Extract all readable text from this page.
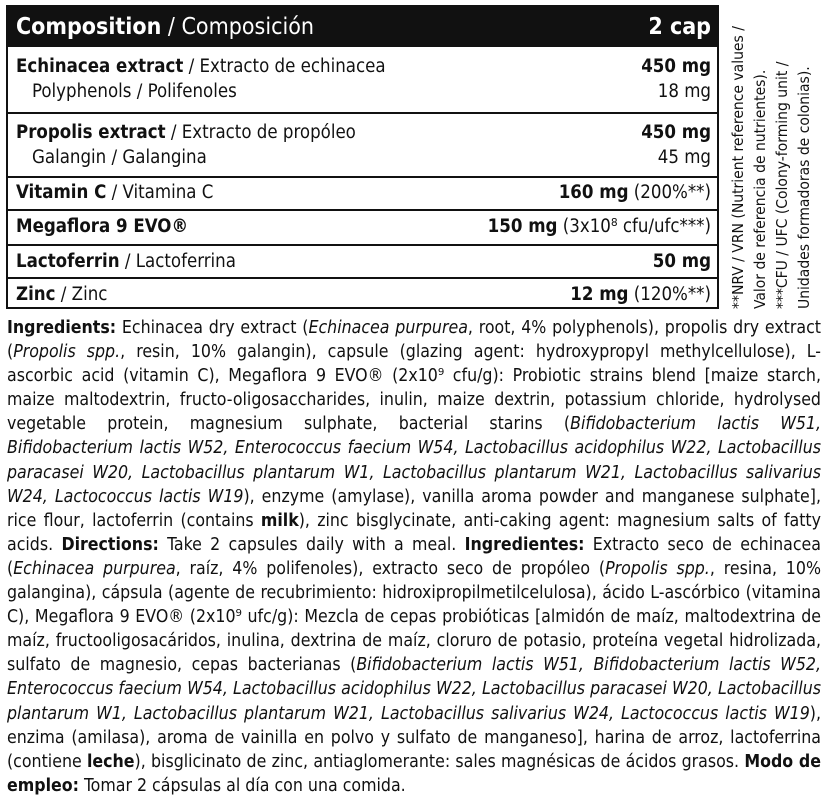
Composition / Composición	2 cap
Echinacea extract / Extracto de echinacea	450 mg
Polyphenols / Polifenoles	18 mg
Propolis extract / Extracto de propóleo	450 mg
Galangin / Galangina	45 mg
Vitamin C / Vitamina C	160 mg (200%**)
Megaflora 9 EVO®	150 mg (3x10⁸ cfu/ufc***)
Lactoferrin / Lactoferrina	50 mg
Zinc / Zinc	12 mg (120%**) **NRV / VRN (Nutrient reference values / Valor de referencia de nutrientes). ***CFU / UFC (Colony-forming unit / Unidades formadoras de colonias).
Ingredients: Echinacea dry extract (Echinacea purpurea, root, 4% polyphenols), propolis dry extract (Propolis spp., resin, 10% galangin), capsule (glazing agent: hydroxypropyl methylcellulose), L-ascorbic acid (vitamin C), Megaflora 9 EVO® (2x10⁹ cfu/g): Probiotic strains blend [maize starch, maize maltodextrin, fructo-oligosaccharides, inulin, maize dextrin, potassium chloride, hydrolysed vegetable protein, magnesium sulphate, bacterial starins (Bifidobacterium lactis W51, Bifidobacterium lactis W52, Enterococcus faecium W54, Lactobacillus acidophilus W22, Lactobacillus paracasei W20, Lactobacillus plantarum W1, Lactobacillus plantarum W21, Lactobacillus salivarius W24, Lactococcus lactis W19), enzyme (amylase), vanilla aroma powder and manganese sulphate], rice flour, lactoferrin (contains milk), zinc bisglycinate, anti-caking agent: magnesium salts of fatty acids. Directions: Take 2 capsules daily with a meal. Ingredientes: Extracto seco de echinacea (Echinacea purpurea, raíz, 4% polifenoles), extracto seco de propóleo (Propolis spp., resina, 10% galangina), cápsula (agente de recubrimiento: hidroxipropilmetilcelulosa), ácido L-ascórbico (vitamina C), Megaflora 9 EVO® (2x10⁹ ufc/g): Mezcla de cepas probióticas [almidón de maíz, maltodextrina de maíz, fructooligosacáridos, inulina, dextrina de maíz, cloruro de potasio, proteína vegetal hidrolizada, sulfato de magnesio, cepas bacterianas (Bifidobacterium lactis W51, Bifidobacterium lactis W52, Enterococcus faecium W54, Lactobacillus acidophilus W22, Lactobacillus paracasei W20, Lactobacillus plantarum W1, Lactobacillus plantarum W21, Lactobacillus salivarius W24, Lactococcus lactis W19), enzima (amilasa), aroma de vainilla en polvo y sulfato de manganeso], harina de arroz, lactoferrina (contiene leche), bisglicinato de zinc, antiaglomerante: sales magnésicas de ácidos grasos. Modo de empleo: Tomar 2 cápsulas al día con una comida.
